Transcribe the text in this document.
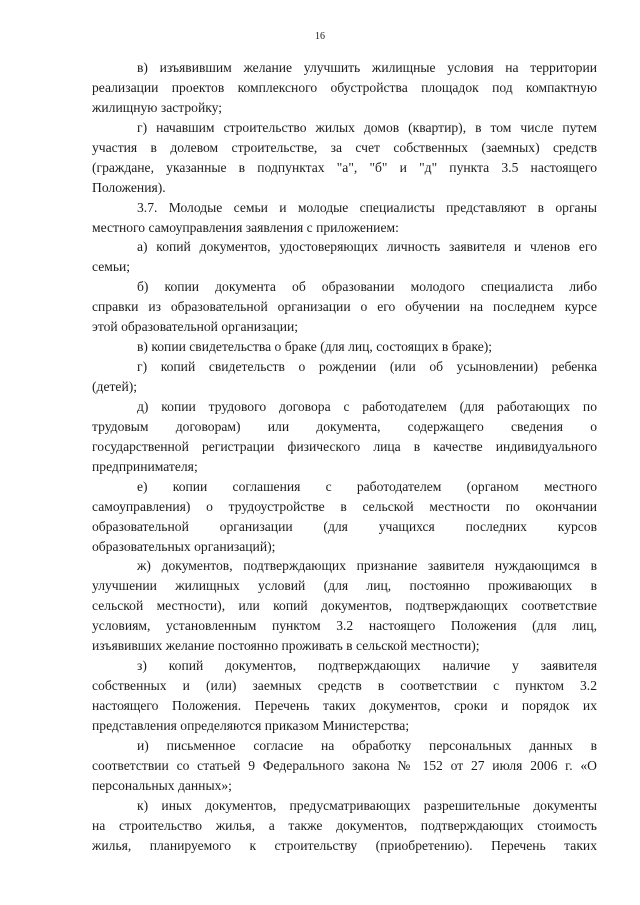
16

в) изъявившим желание улучшить жилищные условия на территории
реализации проектов комплексного обустройства площадок под компактную
жилищную застройку;

г) начавшим строительство жилых домов (квартир), в том числе путем
участия в долевом строительстве, за счет собственных (заемных) средств
(граждане, указанные в подпунктах "а", "б" и "д" пункта 3.5 настоящего
Положения).

3.7. Молодые семьи и молодые специалисты представляют в органы
местного самоуправления заявления с приложением:

а) копий документов, удостоверяющих личность заявителя и членов его
семьи;

б) копии документа об образовании молодого специалиста либо
справки из образовательной организации о его обучении на последнем курсе
этой образовательной организации;

в) копии свидетельства о браке (для лиц, состоящих в браке);

г) копий свидетельств о рождении (или об усыновлении) ребенка
(детей);

д) копии трудового договора с работодателем (для работающих по
трудовым договорам) или документа, содержащего сведения о
государственной регистрации физического лица в качестве индивидуального
предпринимателя;

е) копии соглашения с работодателем (органом местного
самоуправления) о трудоустройстве в сельской местности по окончании
образовательной организации (для учащихся последних курсов
образовательных организаций);

ж) документов, подтверждающих признание заявителя нуждающимся в
улучшении жилищных условий (для лиц, постоянно проживающих в
сельской местности), или копий документов, подтверждающих соответствие
условиям, установленным пунктом 3.2 настоящего Положения (для лиц,
изъявивших желание постоянно проживать в сельской местности);

з) копий документов, подтверждающих наличие у заявителя
собственных и (или) заемных средств в соответствии с пунктом 3.2
настоящего Положения. Перечень таких документов, сроки и порядок их
представления определяются приказом Министерства;

и) письменное согласие на обработку персональных данных в
соответствии со статьей 9 Федерального закона № 152 от 27 июля 2006 г. «О
персональных данных»;

к) иных документов, предусматривающих разрешительные документы
на строительство жилья, а также документов, подтверждающих стоимость
жилья, планируемого к строительству (приобретению). Перечень таких
